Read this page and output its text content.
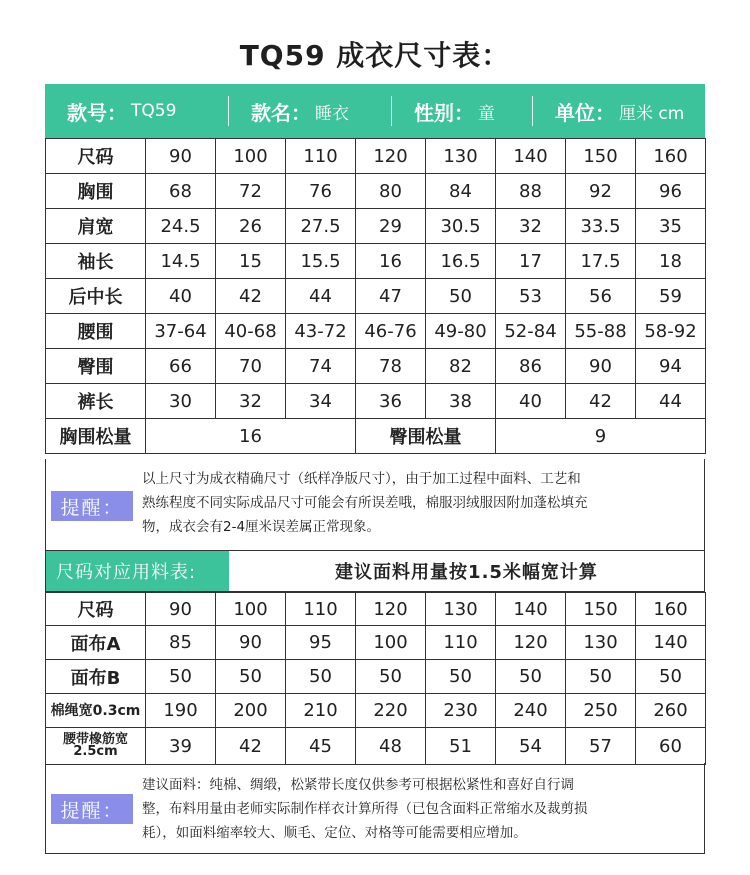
TQ59 成衣尺寸表：
款号： TQ59	款名： 睡衣	性别： 童	单位： 厘米 cm
尺码	90	100	110	120	130	140	150	160
胸围	68	72	76	80	84	88	92	96
肩宽	24.5	26	27.5	29	30.5	32	33.5	35
袖长	14.5	15	15.5	16	16.5	17	17.5	18
后中长	40	42	44	47	50	53	56	59
腰围	37-64	40-68	43-72	46-76	49-80	52-84	55-88	58-92
臀围	66	70	74	78	82	86	90	94
裤长	30	32	34	36	38	40	42	44
胸围松量	16			臀围松量		9		
提醒：
以上尺寸为成衣精确尺寸（纸样净版尺寸），由于加工过程中面料、工艺和
熟练程度不同实际成品尺寸可能会有所误差哦，棉服羽绒服因附加蓬松填充
物，成衣会有2-4厘米误差属正常现象。
尺码对应用料表:	建议面料用量按1.5米幅宽计算
尺码	90	100	110	120	130	140	150	160
面布A	85	90	95	100	110	120	130	140
面布B	50	50	50	50	50	50	50	50
棉绳宽0.3cm	190	200	210	220	230	240	250	260
腰带橡筋宽2.5cm	39	42	45	48	51	54	57	60
提醒：
建议面料：纯棉、绸缎，松紧带长度仅供参考可根据松紧性和喜好自行调
整，布料用量由老师实际制作样衣计算所得（已包含面料正常缩水及裁剪损
耗），如面料缩率较大、顺毛、定位、对格等可能需要相应增加。
